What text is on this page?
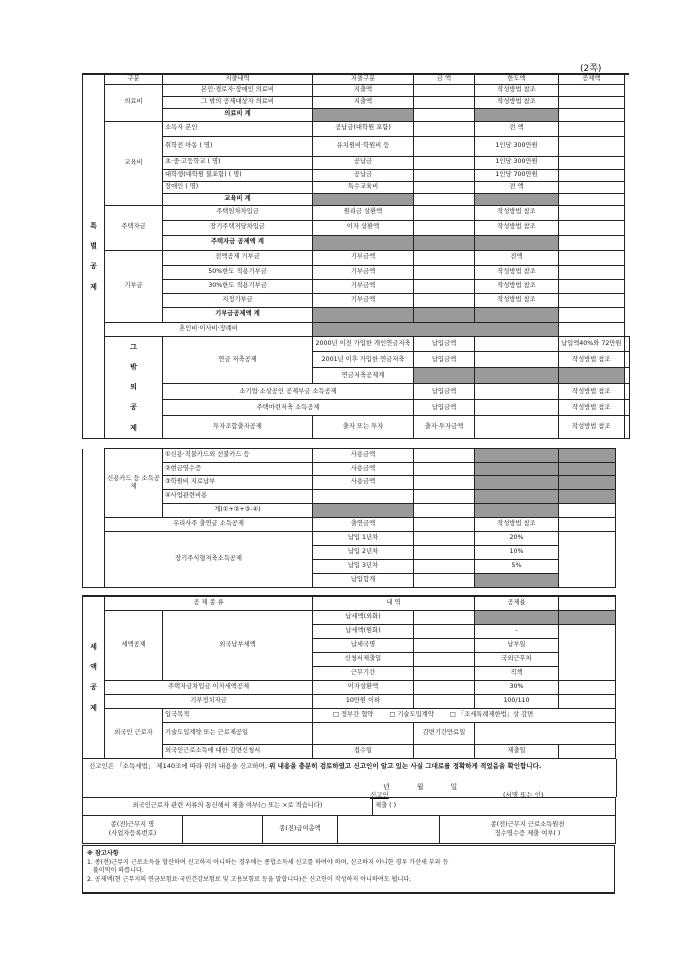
(2쪽)
특
별
공
제	구분	지출내역	지출구분	금 액	한도액	공제액	
	의료비	본인·경로자·장애인 의료비	지출액		작성방법 참조		
		그 밖의 공제대상자 의료비	지출액		작성방법 참조		
		의료비 계					
	교육비	소득자 본인	공납금(대학원 포함)		전 액		
		취학전 아동 ( 명)	유치원비·학원비 등		1인당 300만원		
		초·중·고등학교 ( 명)	공납금		1인당 300만원		
		대학생(대학원 불포함) ( 명)	공납금		1인당 700만원		
		장애인 ( 명)	특수교육비		전 액		
		교육비 계					
	주택자금	주택임차차입금	원리금 상환액		작성방법 참조		
		장기주택저당차입금	이자 상환액		작성방법 참조		
		주택자금 공제액 계					
	기부금	전액공제 기부금	기부금액		전액		
		50%한도 적용기부금	기부금액		작성방법 참조		
		30%한도 적용기부금	기부금액		작성방법 참조		
		지정기부금	기부금액		작성방법 참조		
		기부금공제액 계					
	혼인비·이사비·장례비						
	그
밖
의
공
제	연금 저축공제	2000년 이전 가입한 개인연금저축	납입금액		납입액40%와 72만원	
			2001년 이후 가입한 연금저축	납입금액		작성방법 참조	
			연금저축공제계				
		소기업·소상공인 공제부금 소득공제		납입금액		작성방법 참조	
		주택마련저축 소득공제		납입금액		작성방법 참조	
		투자조합출자공제	출자 또는 투자	출자·투자금액		작성방법 참조	
	신용카드 등 소득공제	①신용·직불카드외 선불카드 등	사용금액			
		②현금영수증	사용금액			
		③학원비 지로납부	사용금액			
		④사업관련비용				
		계(①+②+③-④)				
	우리사주 출연금 소득공제		출연금액		작성방법 참조	
	장기주식형저축소득공제		납입 1년차		20%	
			납입 2년차		10%	
			납입 3년차		5%	
			납입합계			
세
액
공
제	공 제 종 류		내 역		공제율	
	세액공제	외국납부세액	납세액(외화)			
			납세액(원화)		-	
			납세국명		납부일	
			신청서제출일		국외근무처	
			근무기간		직책	
	주택자금차입금 이자세액공제		이자상환액		30%	
	기부정치자금		10만원 이하		100/110	
	외국인 근로자	입국목적	□ 정부간 협약 □ 기술도입계약 □ 「조세특례제한법」상 감면			
		기술도입계약 또는 근로제공일		감면기간만료일		
		외국인근로소득에 대한 감면신청서	접수일		제출일	
신고인은 「소득세법」 제140조에 따라 위의 내용을 신고하며, 위 내용을 충분히 검토하였고 신고인이 알고 있는 사실 그대로를 정확하게 적었음을 확인합니다.
년	월	일
신고인	(서명 또는 인)
외국인근로자 관련 서류의 통신해서 제출 여부(○ 또는 ×로 적습니다)	제출 ( )
종(전)근무지 명
(사업자등록번호)		종(전)급여총액		종(전)근무지 근로소득원천
징수영수증 제출 여부( )
※ 참고사항
1. 종(전)근무지 근로소득을 합산하여 신고하지 아니하는 경우에는 종합소득세 신고를 하여야 하며, 신고하지 아니한 경우 가산세 부과 등
불이익이 따릅니다.
2. 공제액(현 근무지의 연금보험료·국민건강보험료 및 고용보험료 등을 말합니다)은 신고인이 작성하지 아니하여도 됩니다.
